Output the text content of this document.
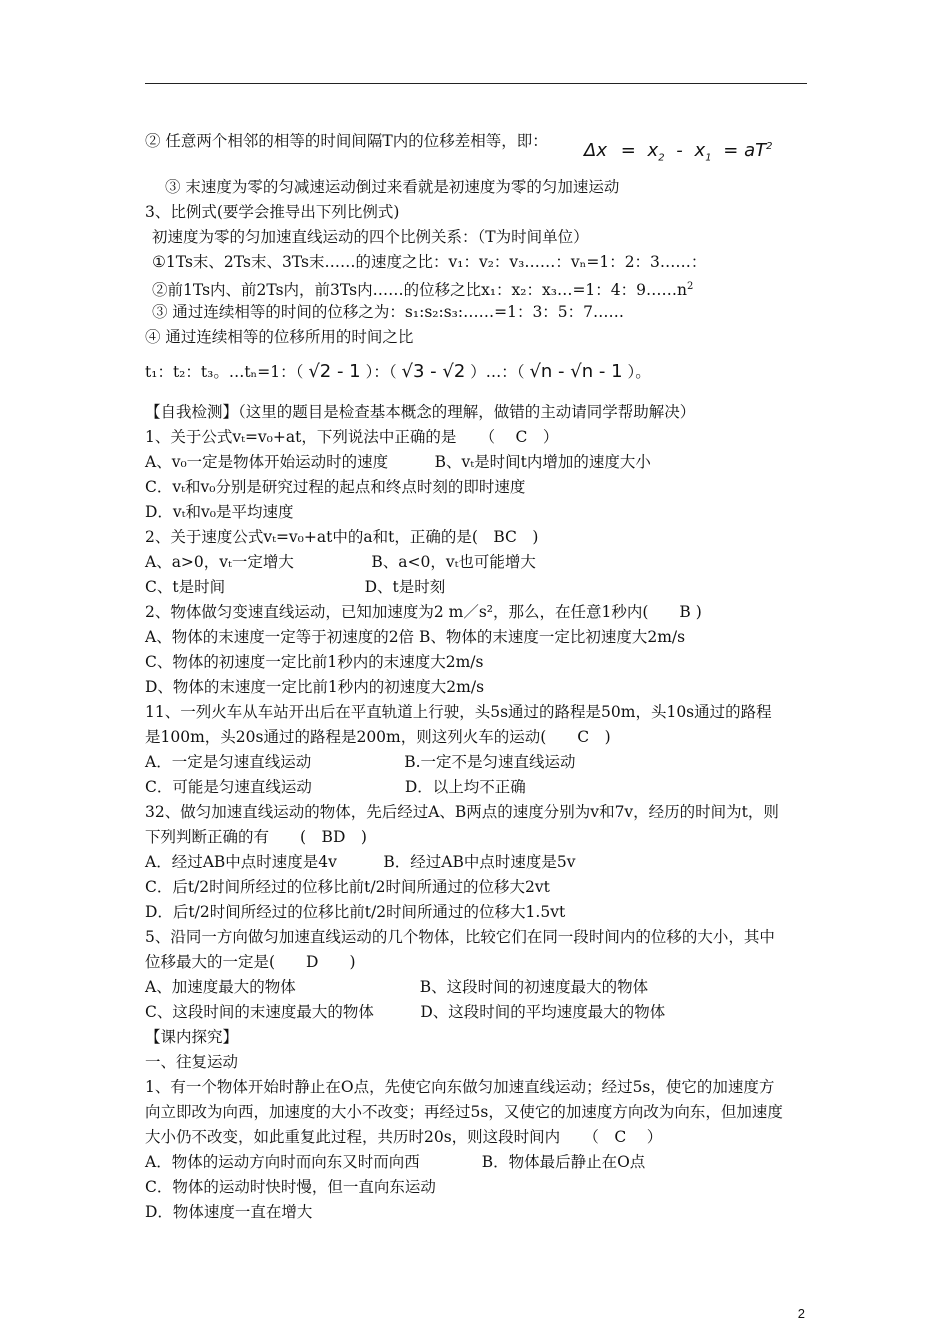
② 任意两个相邻的相等的时间间隔T内的位移差相等，即： $\Delta x = x_2 - x_1 = aT^2$
③ 末速度为零的匀减速运动倒过来看就是初速度为零的匀加速运动
3、比例式(要学会推导出下列比例式)
初速度为零的匀加速直线运动的四个比例关系：（T为时间单位）
①1Ts末、2Ts末、3Ts末……的速度之比：v₁：v₂：v₃……：vₙ=1：2：3……：
②前1Ts内、前2Ts内，前3Ts内……的位移之比x₁：x₂：x₃…=1：4：$9\dots\dots n^2$
③ 通过连续相等的时间的位移之为：s₁:s₂:s₃:……=1：3：5：7……
④ 通过连续相等的位移所用的时间之比
t₁：t₂：t₃。…tₙ=1：（ √2 - 1 ）：（ √3 - √2 ）…：（ √n - √n - 1 ）。
【自我检测】（这里的题目是检查基本概念的理解，做错的主动请同学帮助解决）
1、关于公式vₜ=v₀+at，下列说法中正确的是　　（　 C　）
A、v₀一定是物体开始运动时的速度　　　B、vₜ是时间t内增加的速度大小
C．vₜ和v₀分别是研究过程的起点和终点时刻的即时速度
D．vₜ和v₀是平均速度
2、关于速度公式vₜ=v₀+at中的a和t，正确的是(　BC　)
A、a>0，vₜ一定增大　　　　　B、a<0，vₜ也可能增大
C、t是时间　　　　　　　　　D、t是时刻
2、物体做匀变速直线运动，已知加速度为2 m／s²，那么，在任意1秒内(　　B )
A、物体的末速度一定等于初速度的2倍 B、物体的末速度一定比初速度大2m/s
C、物体的初速度一定比前1秒内的末速度大2m/s
D、物体的末速度一定比前1秒内的初速度大2m/s
11、一列火车从车站开出后在平直轨道上行驶，头5s通过的路程是50m，头10s通过的路程
是100m，头20s通过的路程是200m，则这列火车的运动(　　C　)
A．一定是匀速直线运动　　　　　　B.一定不是匀速直线运动
C．可能是匀速直线运动　　　　　　D．以上均不正确
32、做匀加速直线运动的物体，先后经过A、B两点的速度分别为v和7v，经历的时间为t，则
下列判断正确的有　　(　BD　)
A．经过AB中点时速度是4v　　　B．经过AB中点时速度是5v
C．后t/2时间所经过的位移比前t/2时间所通过的位移大2vt
D．后t/2时间所经过的位移比前t/2时间所通过的位移大1.5vt
5、沿同一方向做匀加速直线运动的几个物体，比较它们在同一段时间内的位移的大小，其中
位移最大的一定是(　　D　　)
A、加速度最大的物体　　　　　　　　B、这段时间的初速度最大的物体
C、这段时间的末速度最大的物体　　　D、这段时间的平均速度最大的物体
【课内探究】
一、往复运动
1、有一个物体开始时静止在O点，先使它向东做匀加速直线运动；经过5s，使它的加速度方
向立即改为向西，加速度的大小不改变；再经过5s，又使它的加速度方向改为向东，但加速度
大小仍不改变，如此重复此过程，共历时20s，则这段时间内　　（　C　 ）
A．物体的运动方向时而向东又时而向西　　　　B．物体最后静止在O点
C．物体的运动时快时慢，但一直向东运动
D．物体速度一直在增大
2
